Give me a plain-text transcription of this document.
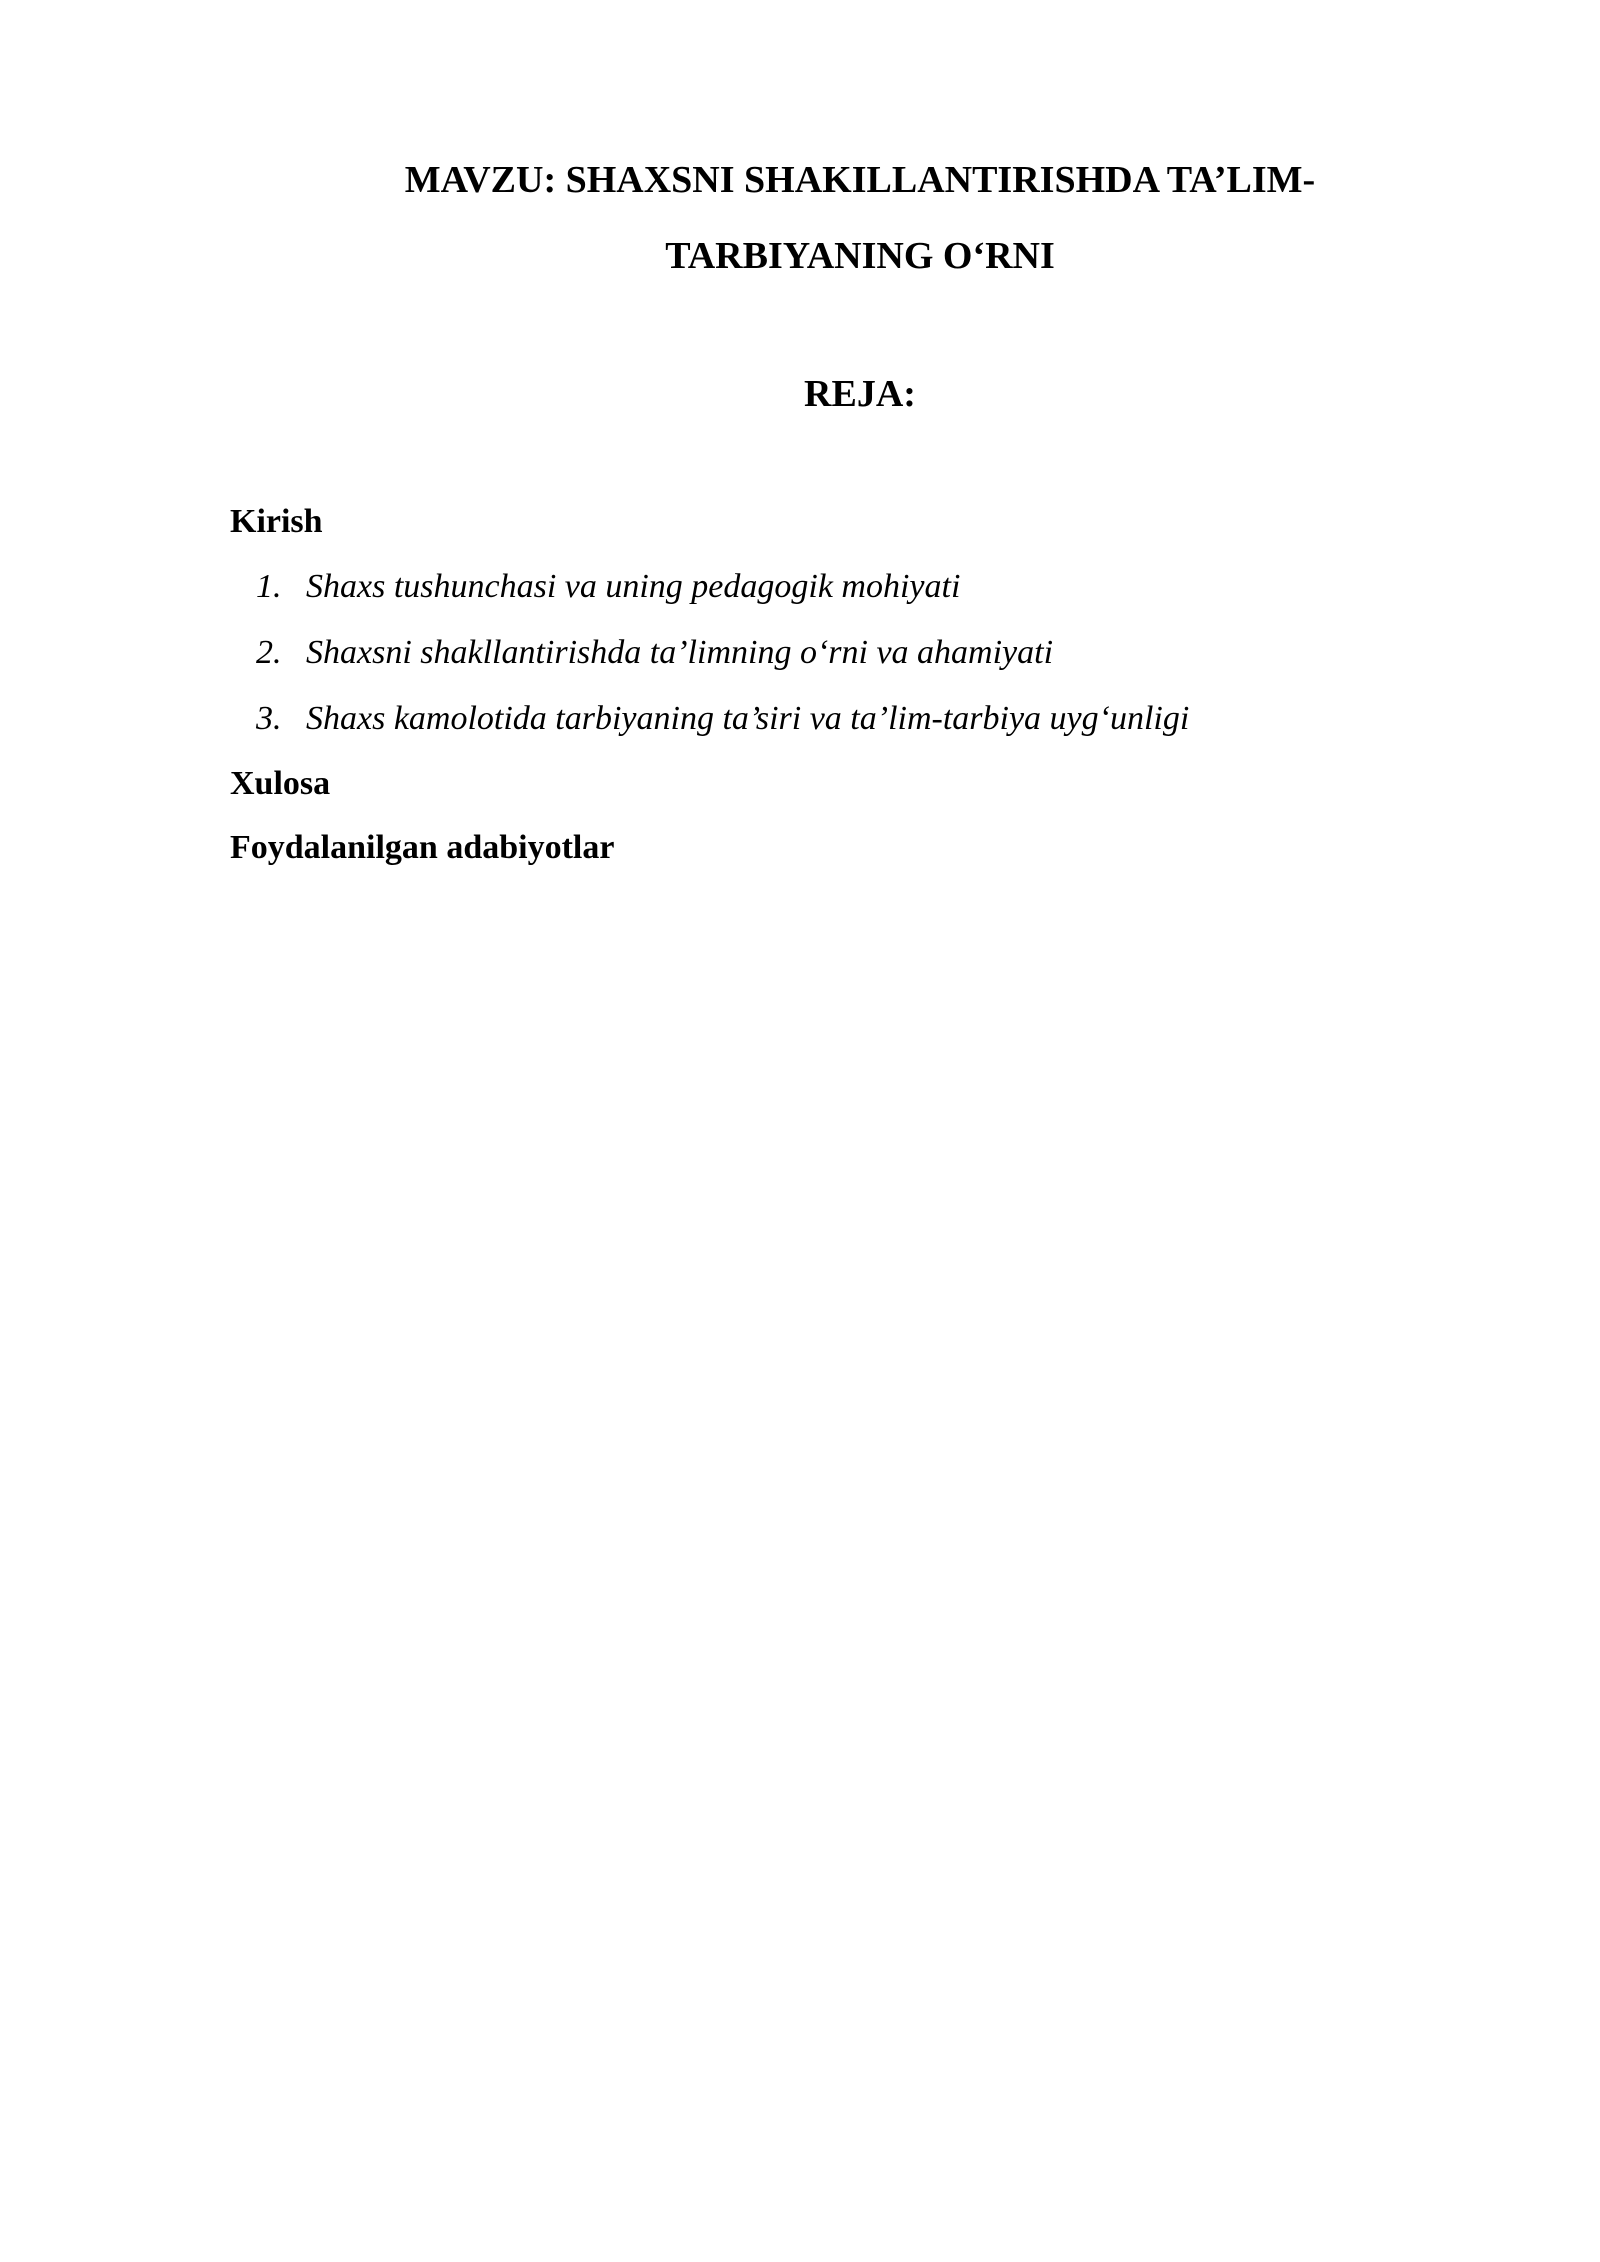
MAVZU: SHAXSNI SHAKILLANTIRISHDA TA’LIM-
TARBIYANING O‘RNI
REJA:

Kirish

1. Shaxs tushunchasi va uning pedagogik mohiyati
2. Shaxsni shakllantirishda ta’limning o‘rni va ahamiyati
3. Shaxs kamolotida tarbiyaning ta’siri va ta’lim-tarbiya uyg‘unligi

Xulosa

Foydalanilgan adabiyotlar
